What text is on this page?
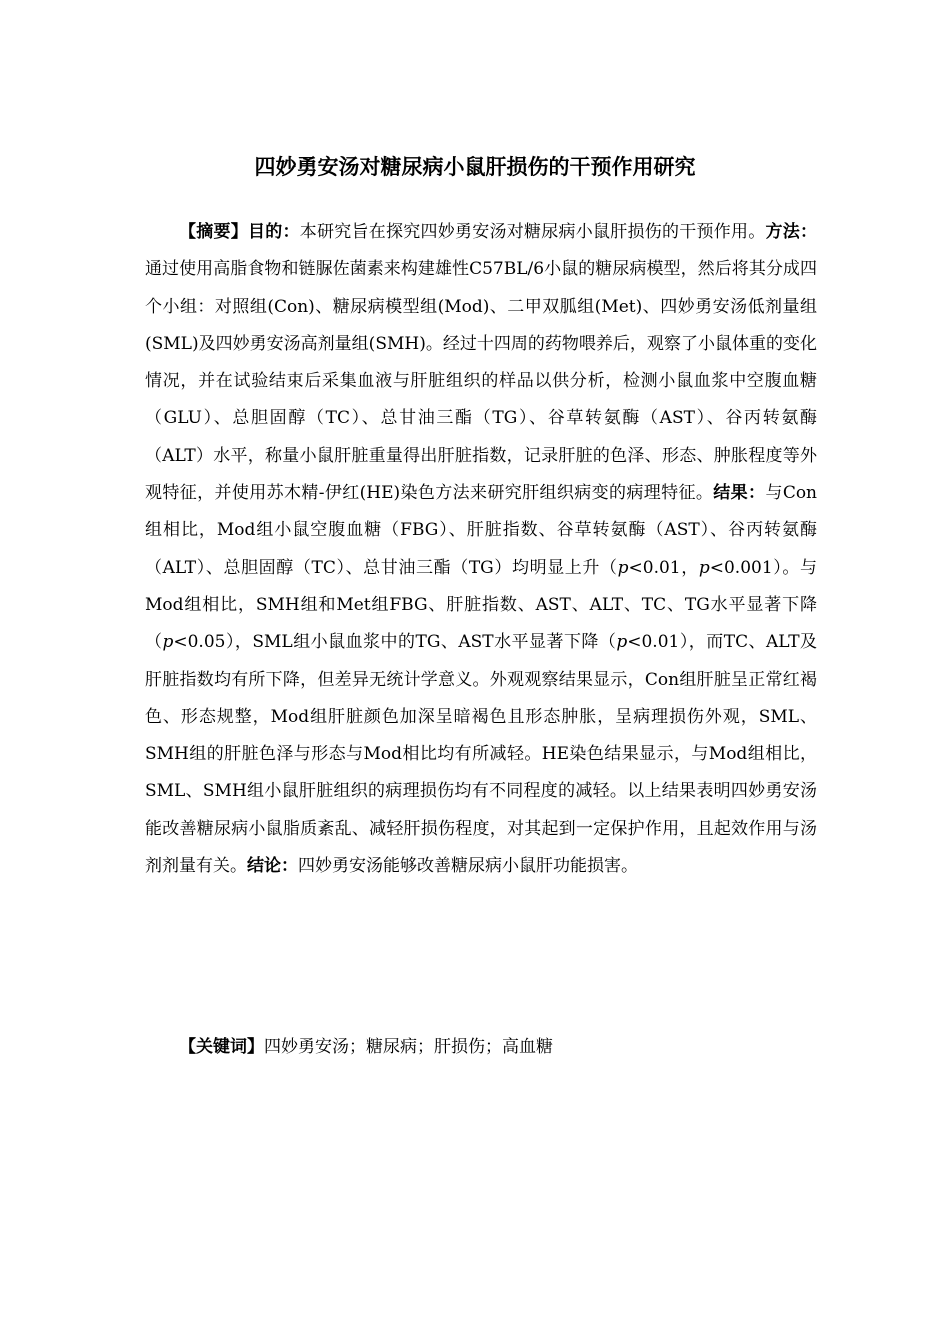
四妙勇安汤对糖尿病小鼠肝损伤的干预作用研究
【摘要】目的：本研究旨在探究四妙勇安汤对糖尿病小鼠肝损伤的干预作用。方法：通过使用高脂食物和链脲佐菌素来构建雄性C57BL/6小鼠的糖尿病模型，然后将其分成四个小组：对照组(Con)、糖尿病模型组(Mod)、二甲双胍组(Met)、四妙勇安汤低剂量组(SML)及四妙勇安汤高剂量组(SMH)。经过十四周的药物喂养后，观察了小鼠体重的变化情况，并在试验结束后采集血液与肝脏组织的样品以供分析，检测小鼠血浆中空腹血糖（GLU）、总胆固醇（TC）、总甘油三酯（TG）、谷草转氨酶（AST）、谷丙转氨酶（ALT）水平，称量小鼠肝脏重量得出肝脏指数，记录肝脏的色泽、形态、肿胀程度等外观特征，并使用苏木精-伊红(HE)染色方法来研究肝组织病变的病理特征。结果：与Con组相比，Mod组小鼠空腹血糖（FBG）、肝脏指数、谷草转氨酶（AST）、谷丙转氨酶（ALT）、总胆固醇（TC）、总甘油三酯（TG）均明显上升（p<0.01，p<0.001）。与Mod组相比，SMH组和Met组FBG、肝脏指数、AST、ALT、TC、TG水平显著下降（p<0.05），SML组小鼠血浆中的TG、AST水平显著下降（p<0.01），而TC、ALT及肝脏指数均有所下降，但差异无统计学意义。外观观察结果显示，Con组肝脏呈正常红褐色、形态规整，Mod组肝脏颜色加深呈暗褐色且形态肿胀，呈病理损伤外观，SML、SMH组的肝脏色泽与形态与Mod相比均有所减轻。HE染色结果显示，与Mod组相比，SML、SMH组小鼠肝脏组织的病理损伤均有不同程度的减轻。以上结果表明四妙勇安汤能改善糖尿病小鼠脂质紊乱、减轻肝损伤程度，对其起到一定保护作用，且起效作用与汤剂剂量有关。结论：四妙勇安汤能够改善糖尿病小鼠肝功能损害。
【关键词】四妙勇安汤；糖尿病；肝损伤；高血糖
